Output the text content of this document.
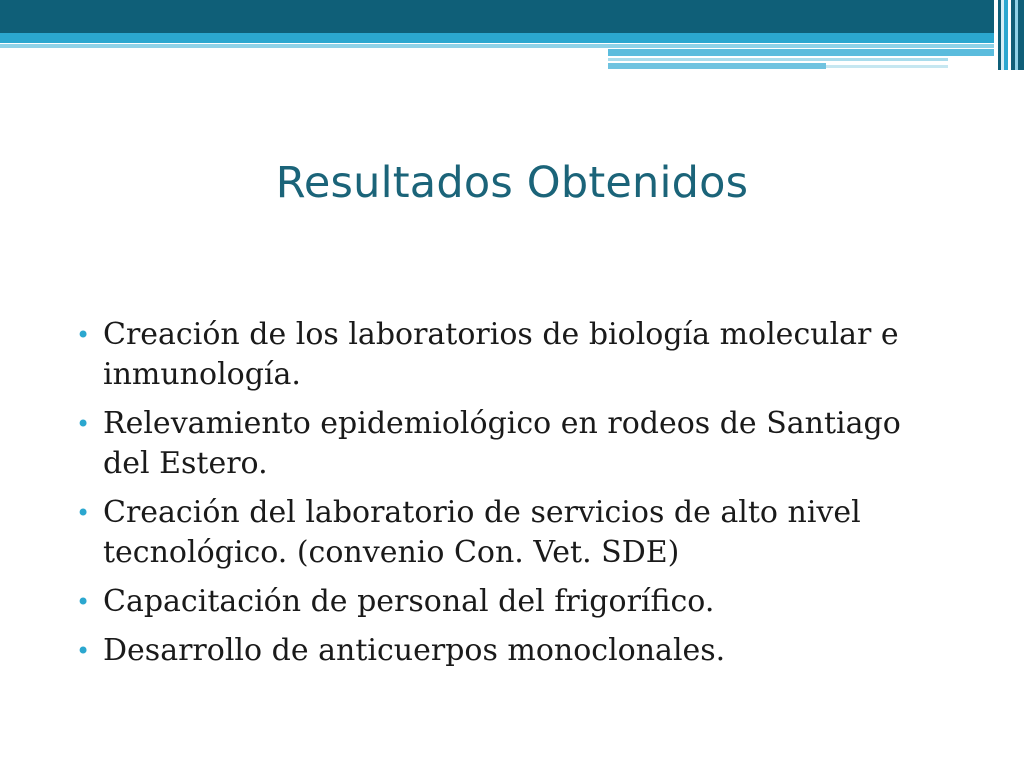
Resultados Obtenidos
• Creación de los laboratorios de biología molecular e inmunología.
• Relevamiento epidemiológico en rodeos de Santiago del Estero.
• Creación del laboratorio de servicios de alto nivel tecnológico. (convenio Con. Vet. SDE)
• Capacitación de personal del frigorífico.
• Desarrollo de anticuerpos monoclonales.
